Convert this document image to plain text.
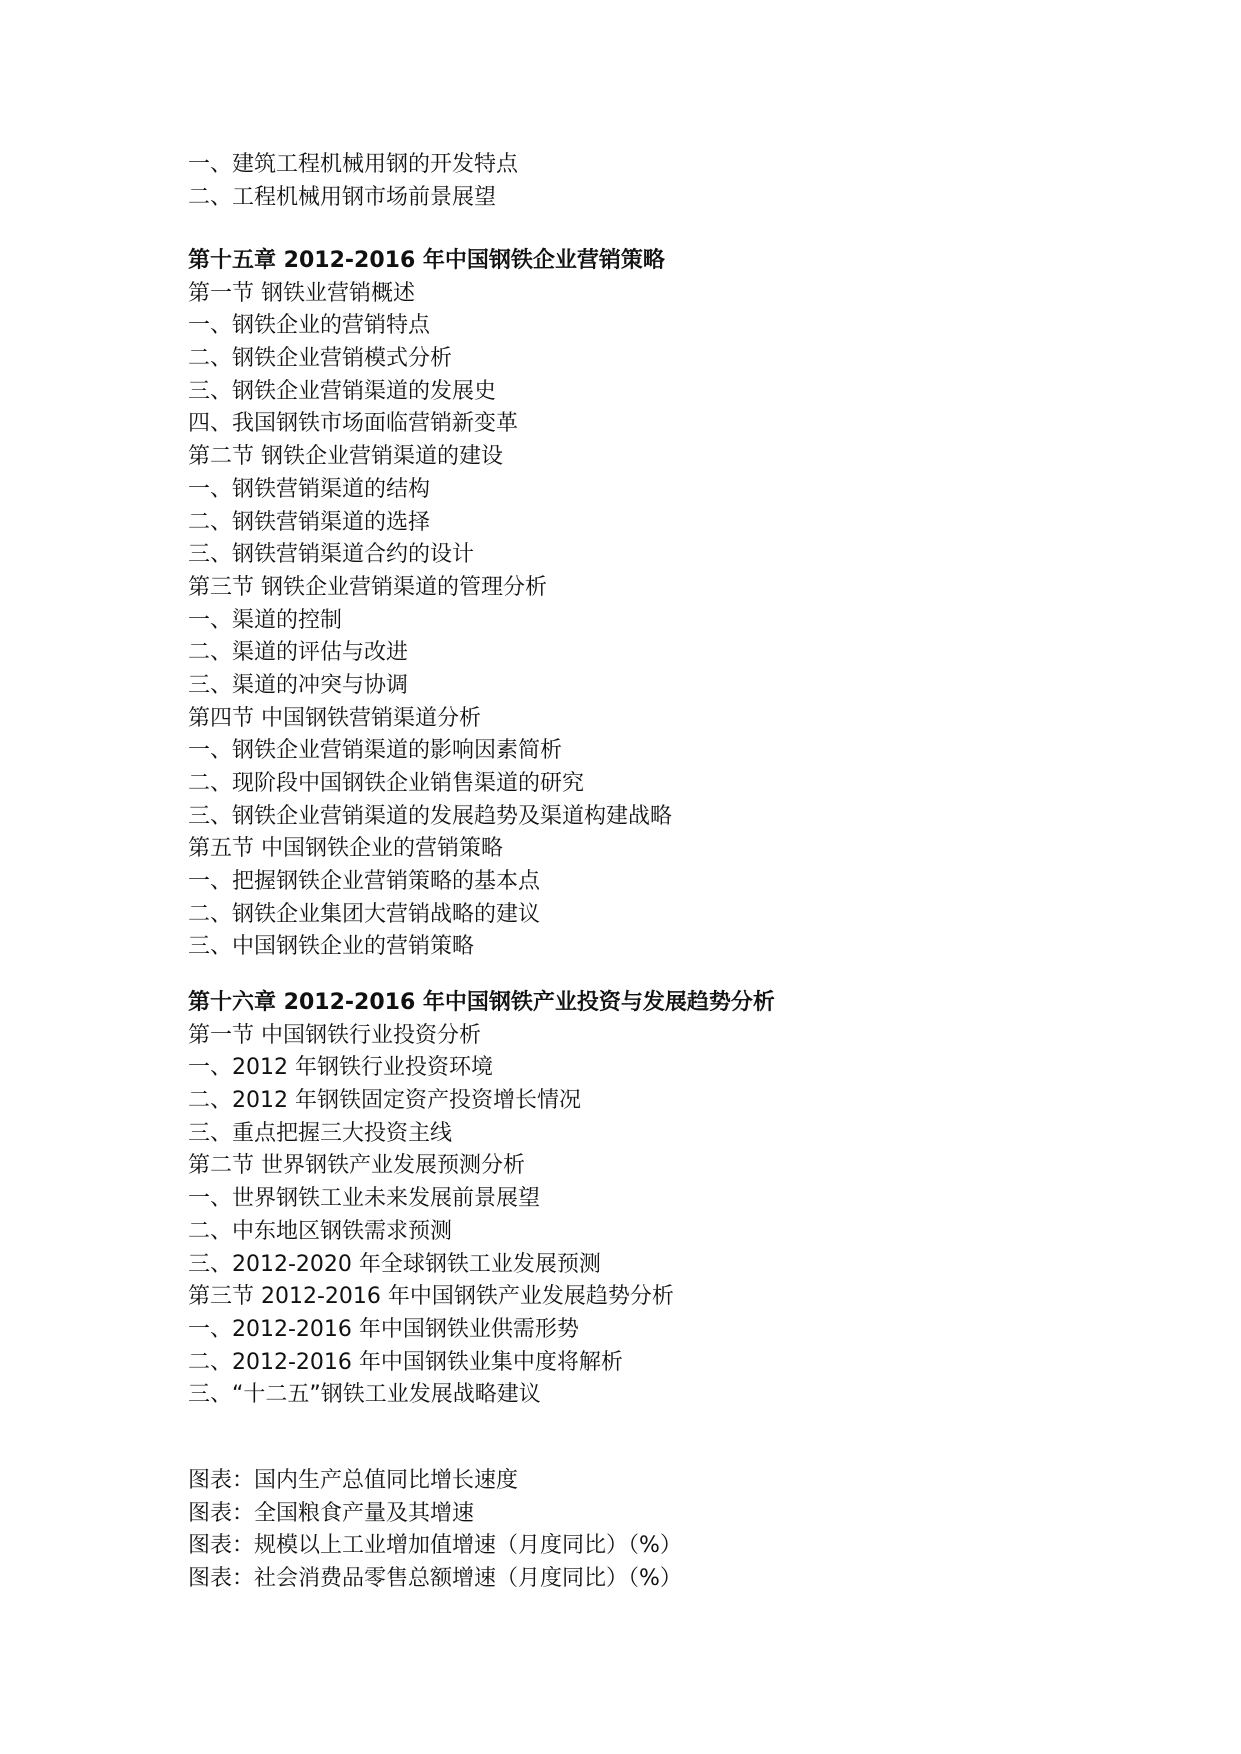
一、建筑工程机械用钢的开发特点
二、工程机械用钢市场前景展望
第十五章 2012-2016 年中国钢铁企业营销策略
第一节 钢铁业营销概述
一、钢铁企业的营销特点
二、钢铁企业营销模式分析
三、钢铁企业营销渠道的发展史
四、我国钢铁市场面临营销新变革
第二节 钢铁企业营销渠道的建设
一、钢铁营销渠道的结构
二、钢铁营销渠道的选择
三、钢铁营销渠道合约的设计
第三节 钢铁企业营销渠道的管理分析
一、渠道的控制
二、渠道的评估与改进
三、渠道的冲突与协调
第四节 中国钢铁营销渠道分析
一、钢铁企业营销渠道的影响因素简析
二、现阶段中国钢铁企业销售渠道的研究
三、钢铁企业营销渠道的发展趋势及渠道构建战略
第五节 中国钢铁企业的营销策略
一、把握钢铁企业营销策略的基本点
二、钢铁企业集团大营销战略的建议
三、中国钢铁企业的营销策略
第十六章 2012-2016 年中国钢铁产业投资与发展趋势分析
第一节 中国钢铁行业投资分析
一、2012 年钢铁行业投资环境
二、2012 年钢铁固定资产投资增长情况
三、重点把握三大投资主线
第二节 世界钢铁产业发展预测分析
一、世界钢铁工业未来发展前景展望
二、中东地区钢铁需求预测
三、2012-2020 年全球钢铁工业发展预测
第三节 2012-2016 年中国钢铁产业发展趋势分析
一、2012-2016 年中国钢铁业供需形势
二、2012-2016 年中国钢铁业集中度将解析
三、“十二五”钢铁工业发展战略建议
图表：国内生产总值同比增长速度
图表：全国粮食产量及其增速
图表：规模以上工业增加值增速（月度同比）（%）
图表：社会消费品零售总额增速（月度同比）（%）
